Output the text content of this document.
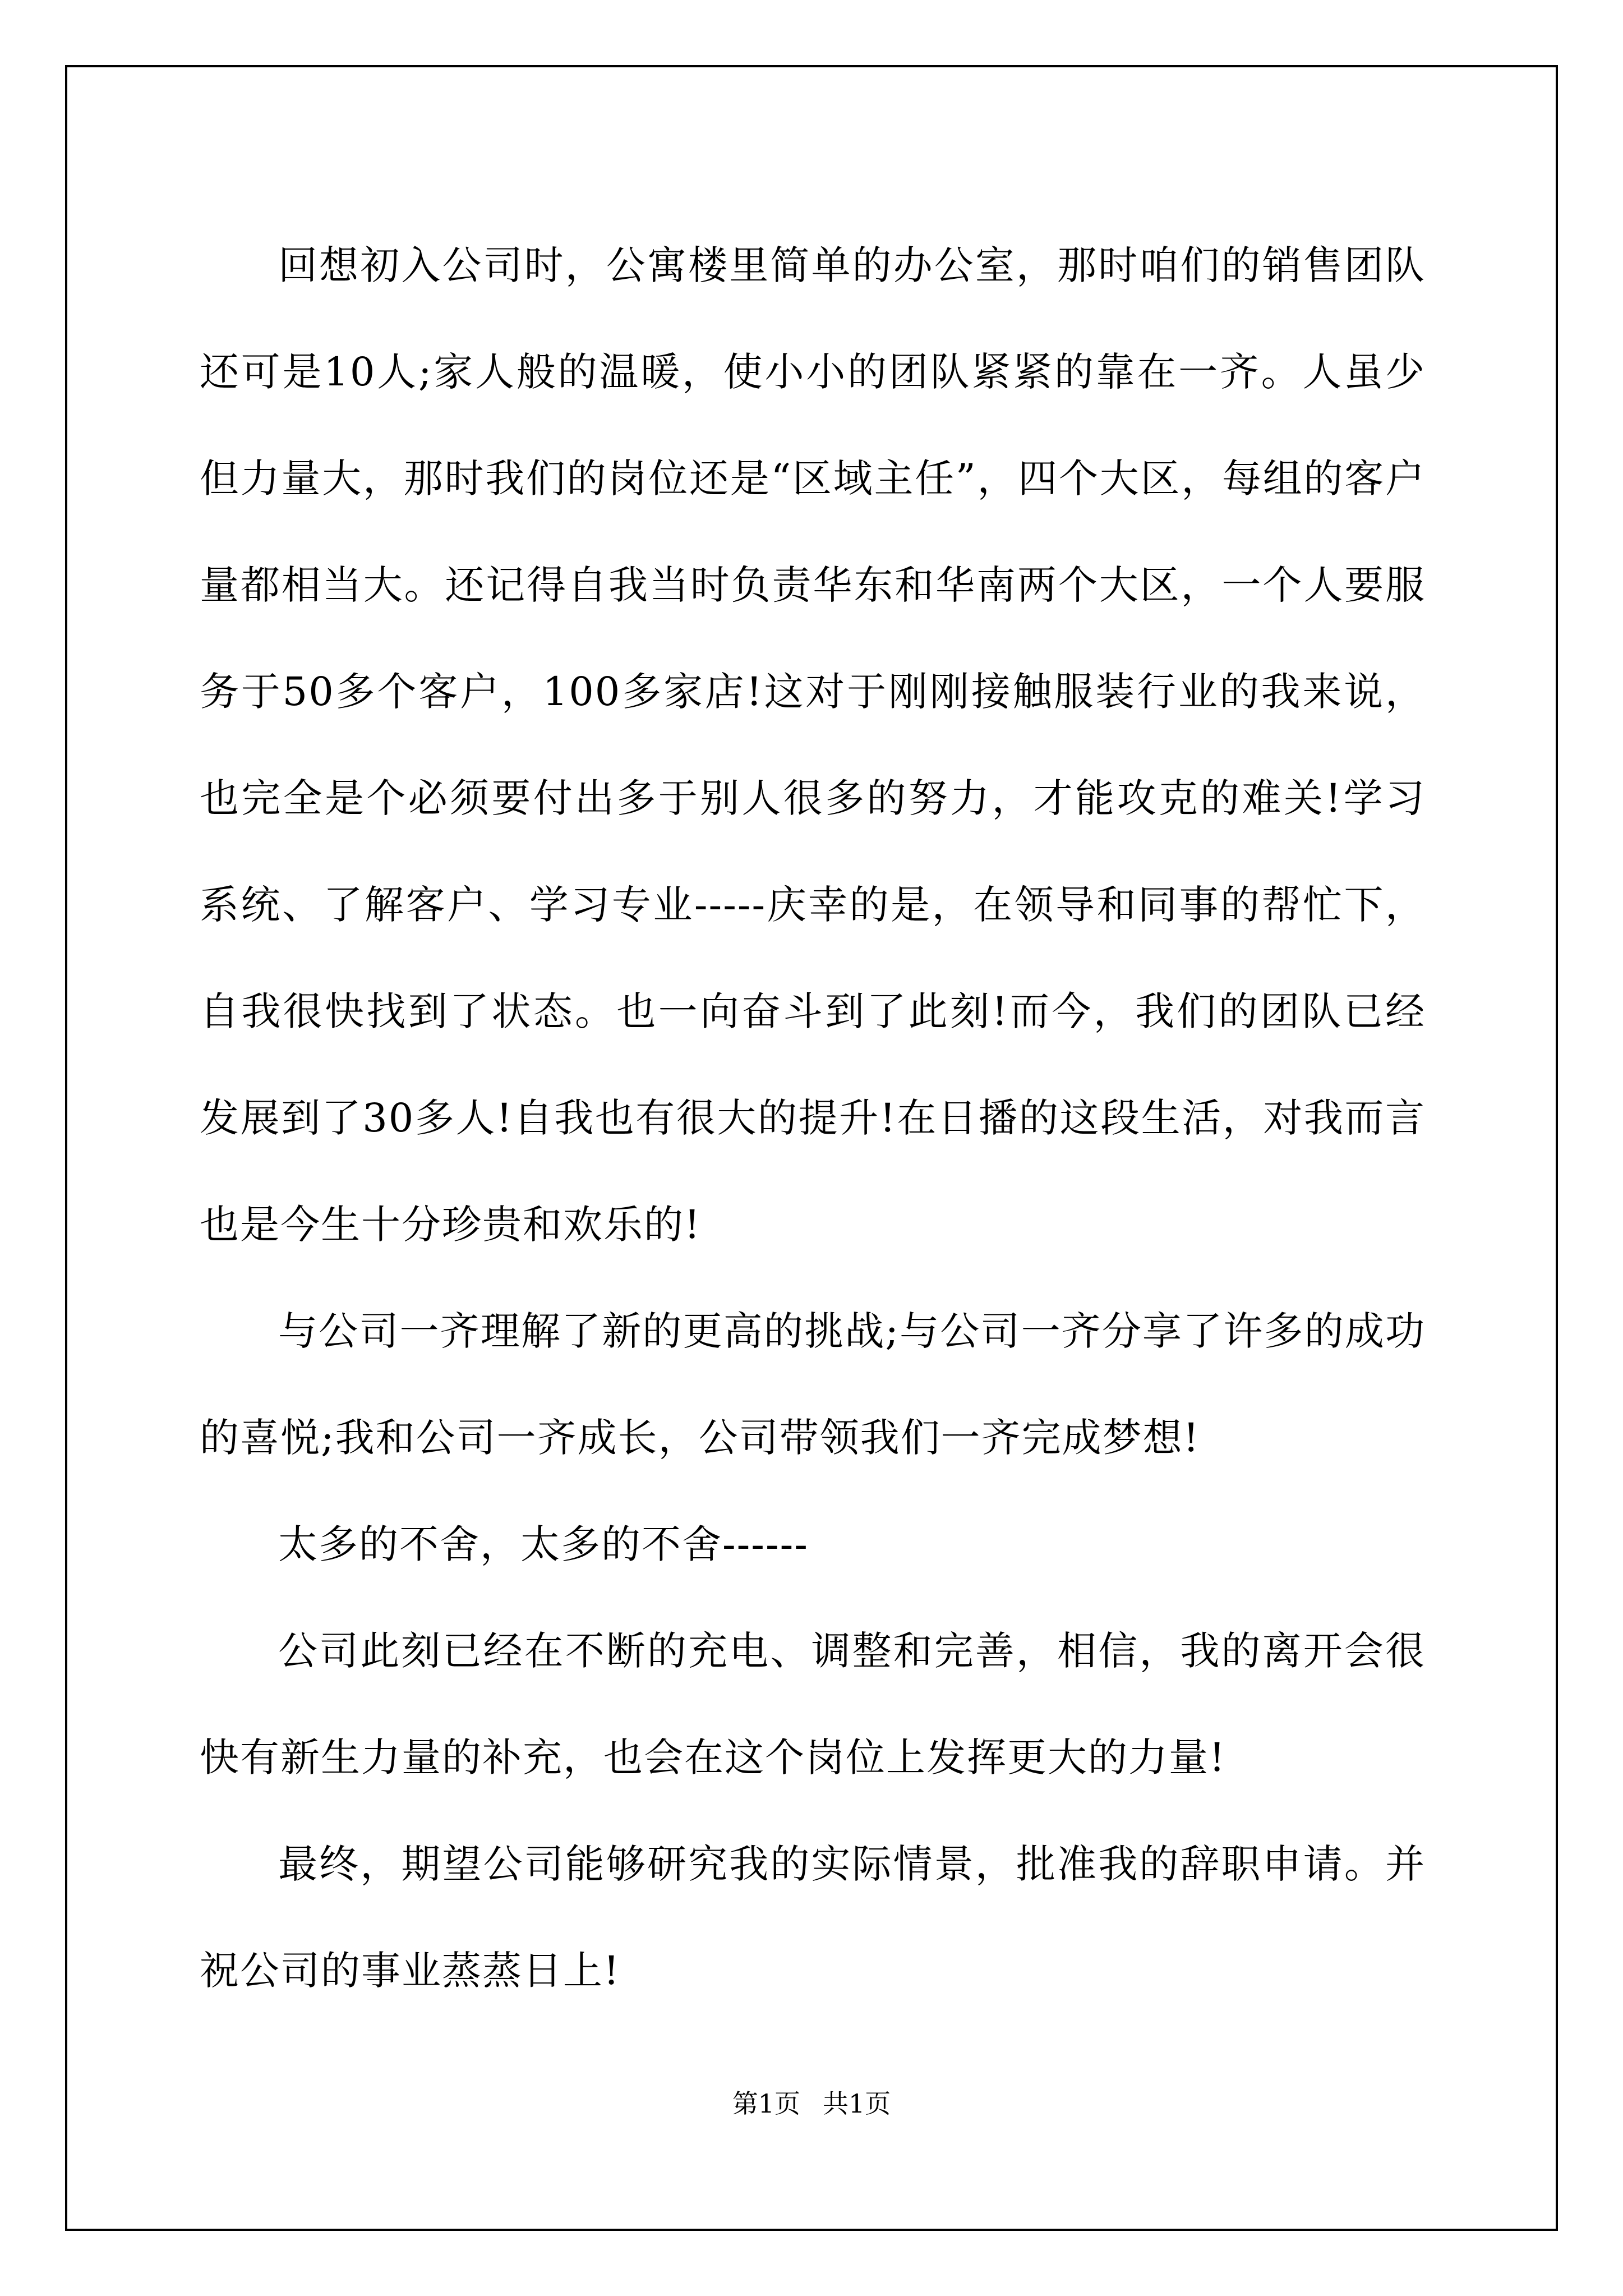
回想初入公司时，公寓楼里简单的办公室，那时咱们的销售团队还可是10人;家人般的温暖，使小小的团队紧紧的靠在一齐。人虽少但力量大，那时我们的岗位还是“区域主任”，四个大区，每组的客户量都相当大。还记得自我当时负责华东和华南两个大区，一个人要服务于50多个客户，100多家店!这对于刚刚接触服装行业的我来说，也完全是个必须要付出多于别人很多的努力，才能攻克的难关!学习系统、了解客户、学习专业-----庆幸的是，在领导和同事的帮忙下，自我很快找到了状态。也一向奋斗到了此刻!而今，我们的团队已经发展到了30多人!自我也有很大的提升!在日播的这段生活，对我而言也是今生十分珍贵和欢乐的!

与公司一齐理解了新的更高的挑战;与公司一齐分享了许多的成功的喜悦;我和公司一齐成长，公司带领我们一齐完成梦想!

太多的不舍，太多的不舍------

公司此刻已经在不断的充电、调整和完善，相信，我的离开会很快有新生力量的补充，也会在这个岗位上发挥更大的力量!

最终，期望公司能够研究我的实际情景，批准我的辞职申请。并祝公司的事业蒸蒸日上!

第1页 共1页
